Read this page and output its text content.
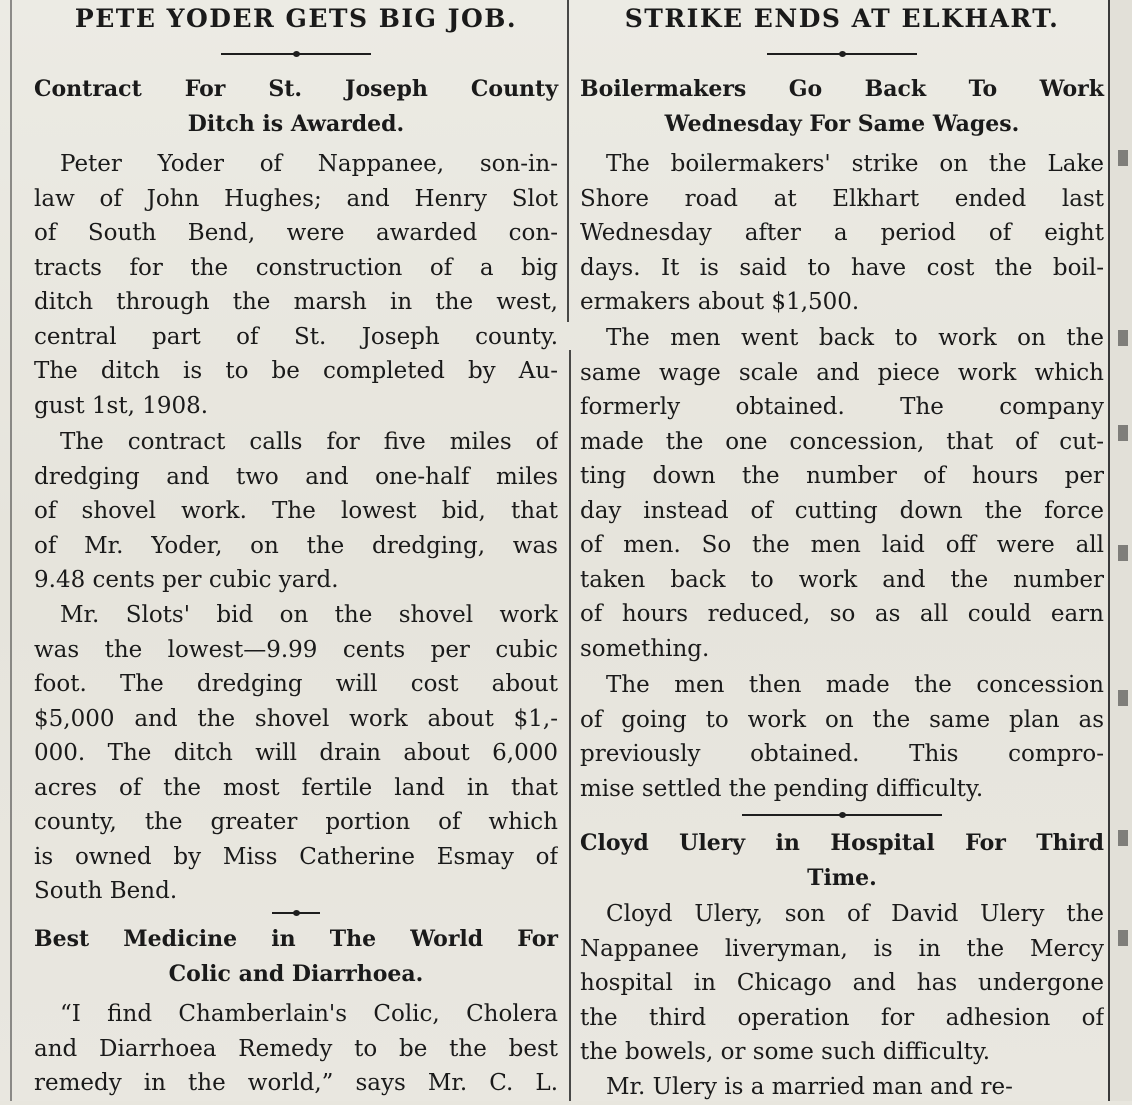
PETE YODER GETS BIG JOB.
Contract For St. Joseph County
Ditch is Awarded.

Peter Yoder of Nappanee, son-in-
law of John Hughes; and Henry Slot
of South Bend, were awarded con-
tracts for the construction of a big
ditch through the marsh in the west,
central part of St. Joseph county.
The ditch is to be completed by Au-
gust 1st, 1908.

The contract calls for five miles of
dredging and two and one-half miles
of shovel work. The lowest bid, that
of Mr. Yoder, on the dredging, was
9.48 cents per cubic yard.

Mr. Slots' bid on the shovel work
was the lowest—9.99 cents per cubic
foot. The dredging will cost about
$5,000 and the shovel work about $1,-
000. The ditch will drain about 6,000
acres of the most fertile land in that
county, the greater portion of which
is owned by Miss Catherine Esmay of
South Bend.

Best Medicine in The World For
Colic and Diarrhoea.

“I find Chamberlain's Colic, Cholera
and Diarrhoea Remedy to be the best
remedy in the world,” says Mr. C. L.

STRIKE ENDS AT ELKHART.
Boilermakers Go Back To Work
Wednesday For Same Wages.

The boilermakers' strike on the Lake
Shore road at Elkhart ended last
Wednesday after a period of eight
days. It is said to have cost the boil-
ermakers about $1,500.

The men went back to work on the
same wage scale and piece work which
formerly obtained. The company
made the one concession, that of cut-
ting down the number of hours per
day instead of cutting down the force
of men. So the men laid off were all
taken back to work and the number
of hours reduced, so as all could earn
something.

The men then made the concession
of going to work on the same plan as
previously obtained. This compro-
mise settled the pending difficulty.

Cloyd Ulery in Hospital For Third
Time.

Cloyd Ulery, son of David Ulery the
Nappanee liveryman, is in the Mercy
hospital in Chicago and has undergone
the third operation for adhesion of
the bowels, or some such difficulty.

Mr. Ulery is a married man and re-
